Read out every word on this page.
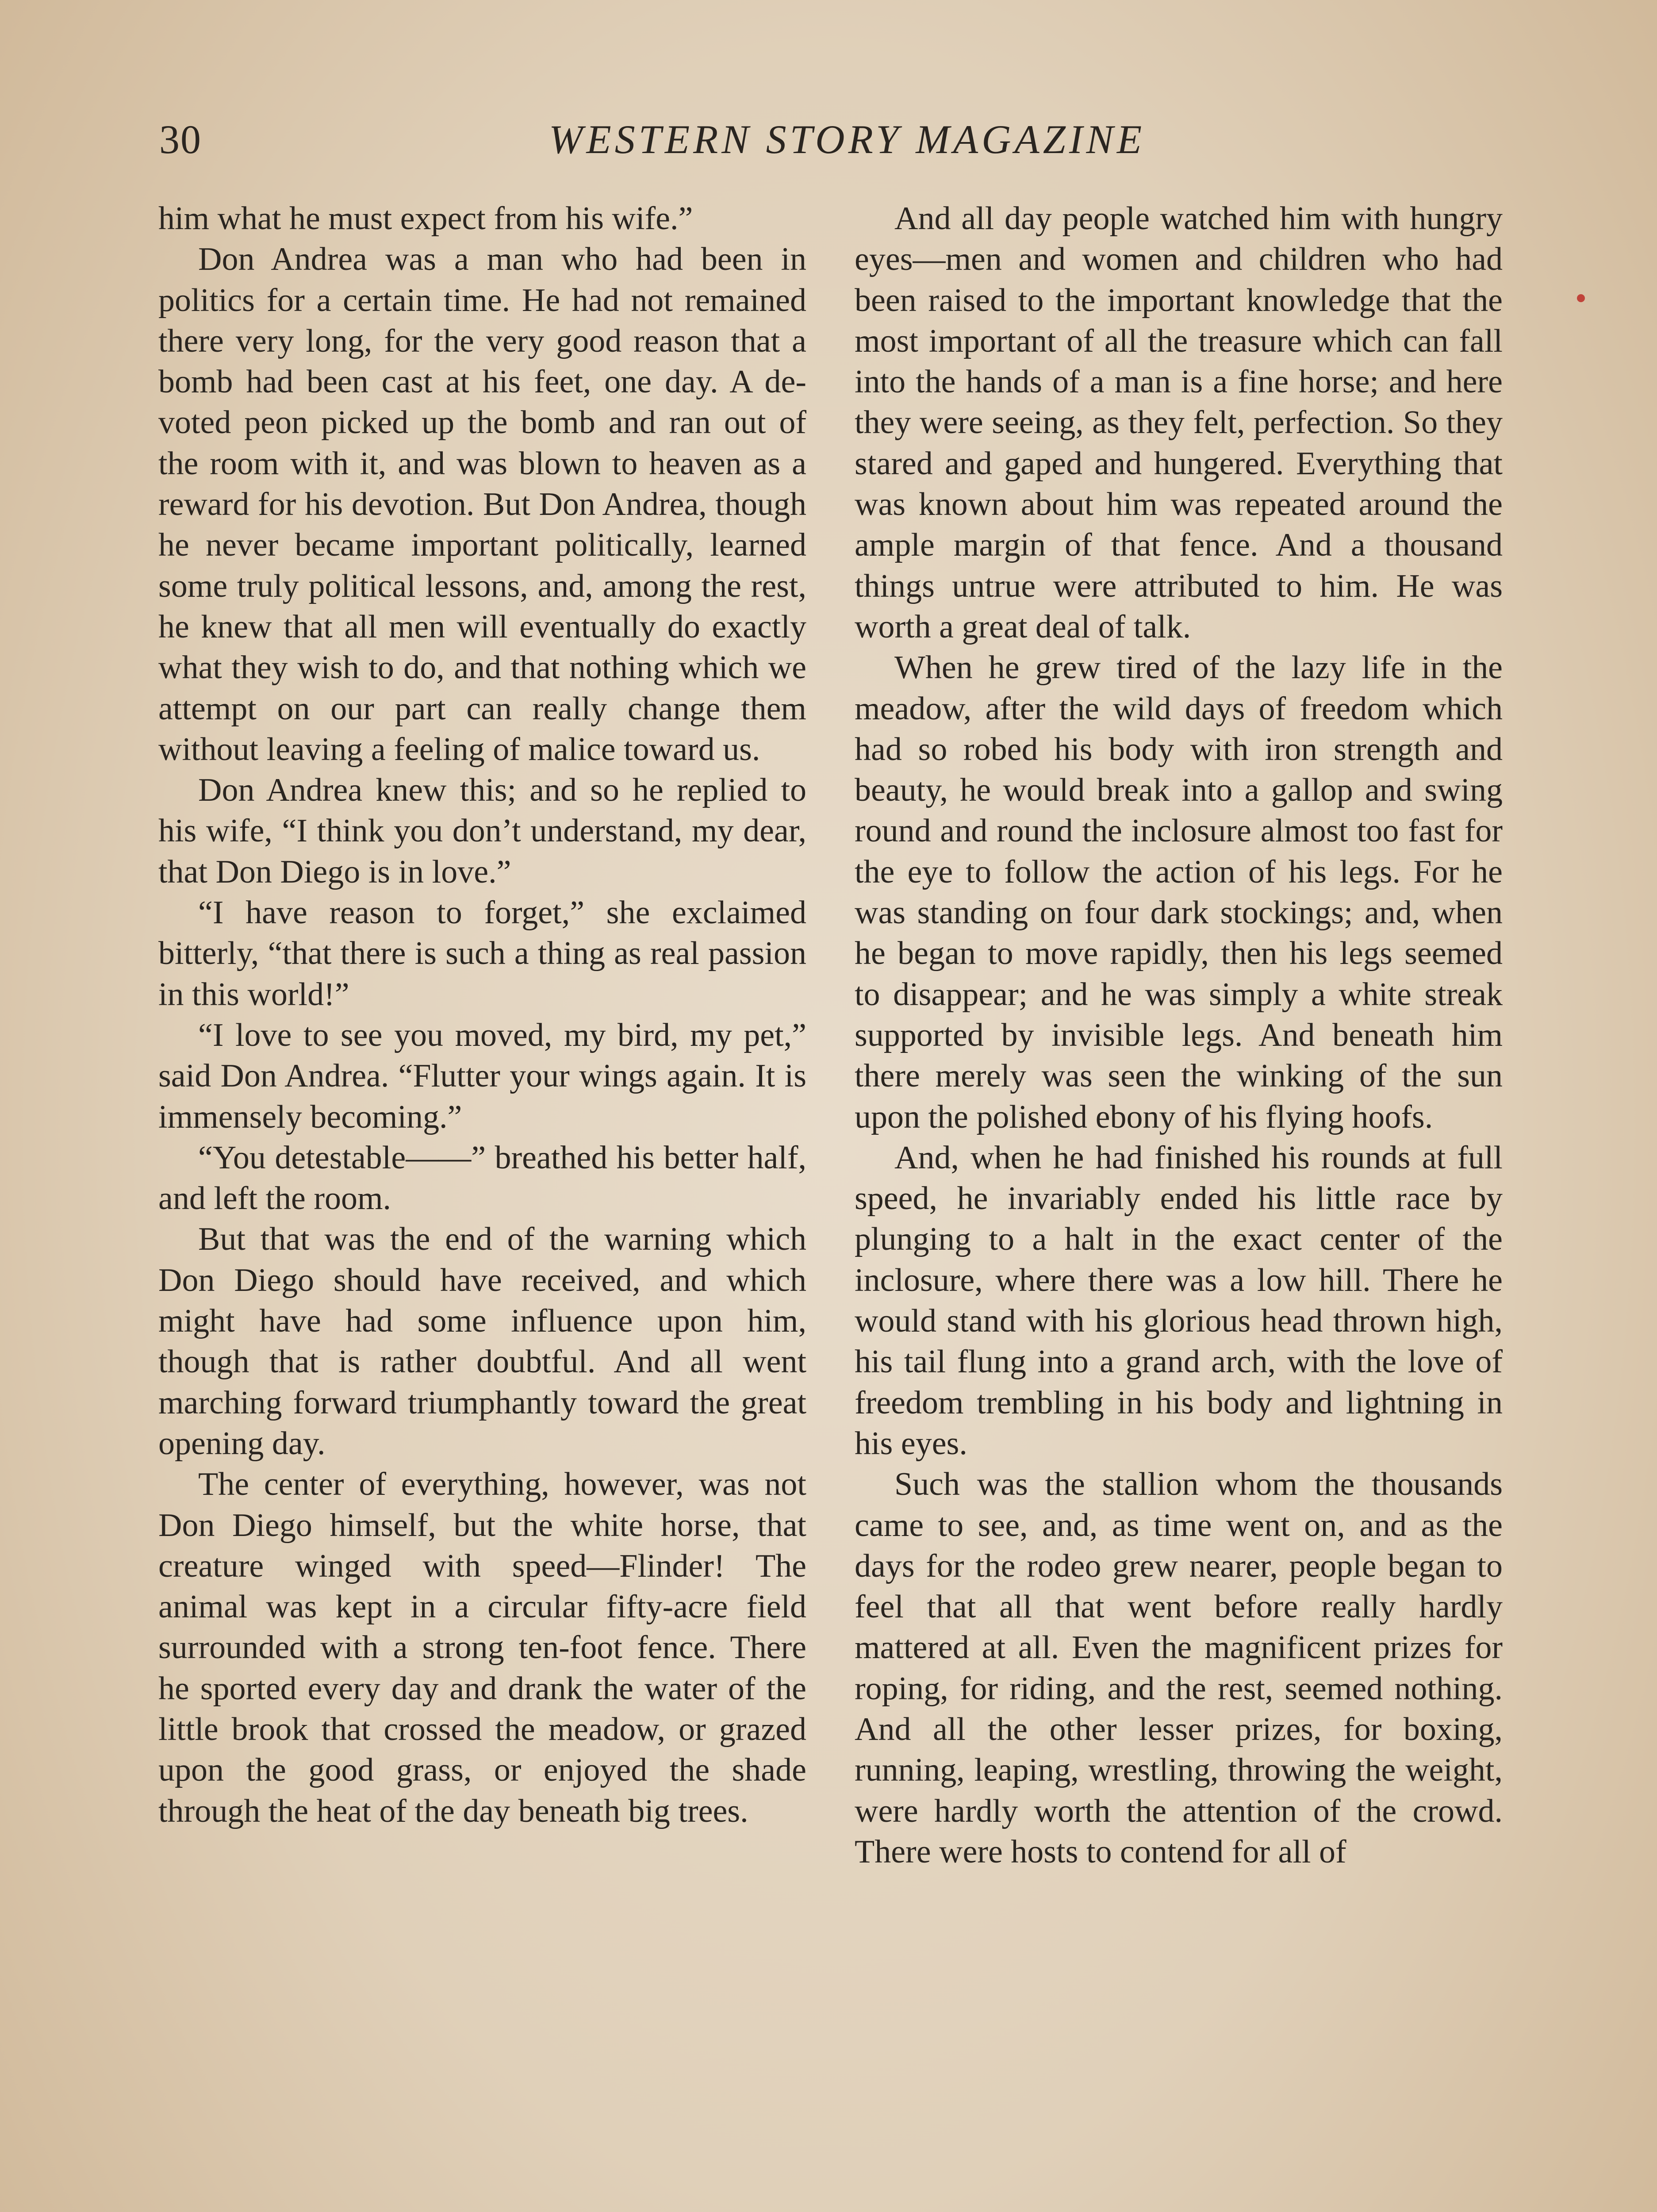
30	WESTERN STORY MAGAZINE

him what he must expect from his wife.”

Don Andrea was a man who had been in politics for a certain time. He had not remained there very long, for the very good reason that a bomb had been cast at his feet, one day. A devoted peon picked up the bomb and ran out of the room with it, and was blown to heaven as a reward for his devotion. But Don Andrea, though he never became important politically, learned some truly political lessons, and, among the rest, he knew that all men will eventually do exactly what they wish to do, and that nothing which we attempt on our part can really change them without leaving a feeling of malice toward us.

Don Andrea knew this; and so he replied to his wife, “I think you don’t understand, my dear, that Don Diego is in love.”

“I have reason to forget,” she exclaimed bitterly, “that there is such a thing as real passion in this world!”

“I love to see you moved, my bird, my pet,” said Don Andrea. “Flutter your wings again. It is immensely becoming.”

“You detestable——” breathed his better half, and left the room.

But that was the end of the warning which Don Diego should have received, and which might have had some influence upon him, though that is rather doubtful. And all went marching forward triumphantly toward the great opening day.

The center of everything, however, was not Don Diego himself, but the white horse, that creature winged with speed—Flinder! The animal was kept in a circular fifty-acre field surrounded with a strong ten-foot fence. There he sported every day and drank the water of the little brook that crossed the meadow, or grazed upon the good grass, or enjoyed the shade through the heat of the day beneath big trees.

And all day people watched him with hungry eyes—men and women and children who had been raised to the important knowledge that the most important of all the treasure which can fall into the hands of a man is a fine horse; and here they were seeing, as they felt, perfection. So they stared and gaped and hungered. Everything that was known about him was repeated around the ample margin of that fence. And a thousand things untrue were attributed to him. He was worth a great deal of talk.

When he grew tired of the lazy life in the meadow, after the wild days of freedom which had so robed his body with iron strength and beauty, he would break into a gallop and swing round and round the inclosure almost too fast for the eye to follow the action of his legs. For he was standing on four dark stockings; and, when he began to move rapidly, then his legs seemed to disappear; and he was simply a white streak supported by invisible legs. And beneath him there merely was seen the winking of the sun upon the polished ebony of his flying hoofs.

And, when he had finished his rounds at full speed, he invariably ended his little race by plunging to a halt in the exact center of the inclosure, where there was a low hill. There he would stand with his glorious head thrown high, his tail flung into a grand arch, with the love of freedom trembling in his body and lightning in his eyes.

Such was the stallion whom the thousands came to see, and, as time went on, and as the days for the rodeo grew nearer, people began to feel that all that went before really hardly mattered at all. Even the magnificent prizes for roping, for riding, and the rest, seemed nothing. And all the other lesser prizes, for boxing, running, leaping, wrestling, throwing the weight, were hardly worth the attention of the crowd. There were hosts to contend for all of
